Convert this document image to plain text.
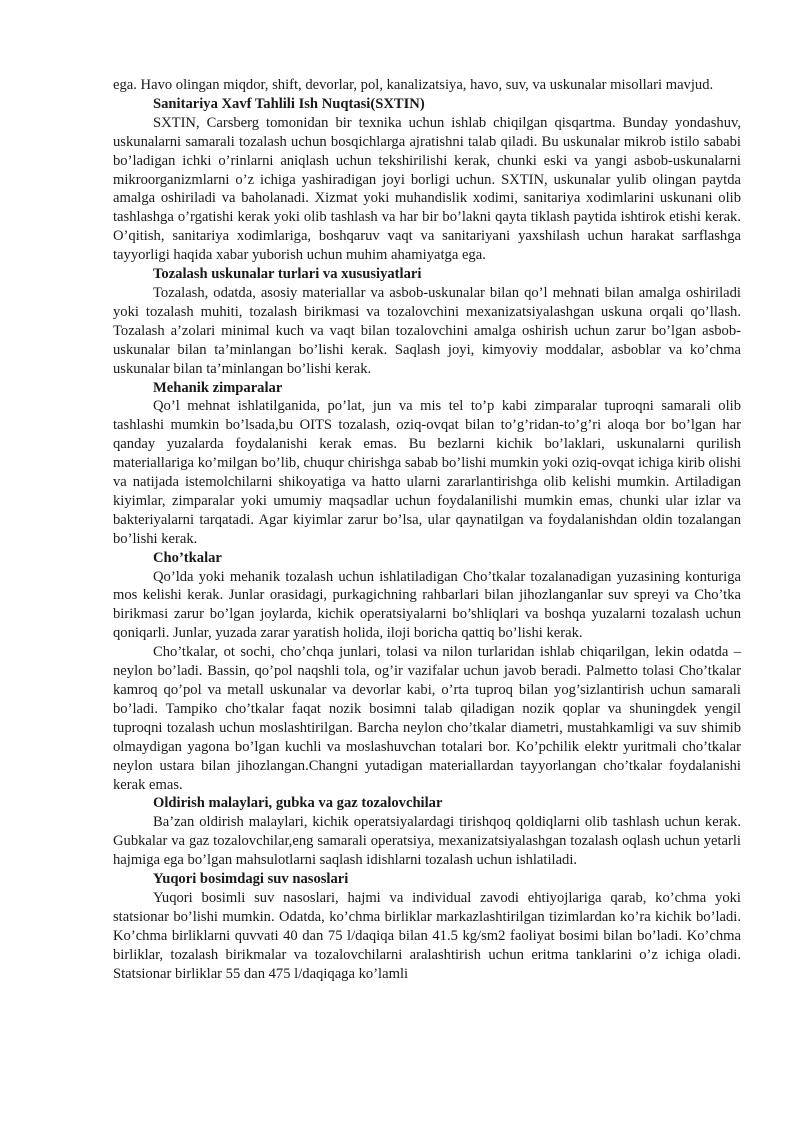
ega. Havo olingan miqdor, shift, devorlar, pol, kanalizatsiya, havo, suv, va uskunalar misollari mavjud.

Sanitariya Xavf Tahlili Ish Nuqtasi(SXTIN)

SXTIN, Carsberg tomonidan bir texnika uchun ishlab chiqilgan qisqartma. Bunday yondashuv, uskunalarni samarali tozalash uchun bosqichlarga ajratishni talab qiladi. Bu uskunalar mikrob istilo sababi bo’ladigan ichki o’rinlarni aniqlash uchun tekshirilishi kerak, chunki eski va yangi asbob-uskunalarni mikroorganizmlarni o’z ichiga yashiradigan joyi borligi uchun. SXTIN, uskunalar yulib olingan paytda amalga oshiriladi va baholanadi. Xizmat yoki muhandislik xodimi, sanitariya xodimlarini uskunani olib tashlashga o’rgatishi kerak yoki olib tashlash va har bir bo’lakni qayta tiklash paytida ishtirok etishi kerak. O’qitish, sanitariya xodimlariga, boshqaruv vaqt va sanitariyani yaxshilash uchun harakat sarflashga tayyorligi haqida xabar yuborish uchun muhim ahamiyatga ega.

Tozalash uskunalar turlari va xususiyatlari

Tozalash, odatda, asosiy materiallar va asbob-uskunalar bilan qo’l mehnati bilan amalga oshiriladi yoki tozalash muhiti, tozalash birikmasi va tozalovchini mexanizatsiyalashgan uskuna orqali qo’llash. Tozalash a’zolari minimal kuch va vaqt bilan tozalovchini amalga oshirish uchun zarur bo’lgan asbob-uskunalar bilan ta’minlangan bo’lishi kerak. Saqlash joyi, kimyoviy moddalar, asboblar va ko’chma uskunalar bilan ta’minlangan bo’lishi kerak.

Mehanik zimparalar

Qo’l mehnat ishlatilganida, po’lat, jun va mis tel to’p kabi zimparalar tuproqni samarali olib tashlashi mumkin bo’lsada,bu OITS tozalash, oziq-ovqat bilan to’g’ridan-to’g’ri aloqa bor bo’lgan har qanday yuzalarda foydalanishi kerak emas. Bu bezlarni kichik bo’laklari, uskunalarni qurilish materiallariga ko’milgan bo’lib, chuqur chirishga sabab bo’lishi mumkin yoki oziq-ovqat ichiga kirib olishi va natijada istemolchilarni shikoyatiga va hatto ularni zararlantirishga olib kelishi mumkin. Artiladigan kiyimlar, zimparalar yoki umumiy maqsadlar uchun foydalanilishi mumkin emas, chunki ular izlar va bakteriyalarni tarqatadi. Agar kiyimlar zarur bo’lsa, ular qaynatilgan va foydalanishdan oldin tozalangan bo’lishi kerak.

Cho’tkalar

Qo’lda yoki mehanik tozalash uchun ishlatiladigan Cho’tkalar tozalanadigan yuzasining konturiga mos kelishi kerak. Junlar orasidagi, purkagichning rahbarlari bilan jihozlanganlar suv spreyi va Cho’tka birikmasi zarur bo’lgan joylarda, kichik operatsiyalarni bo’shliqlari va boshqa yuzalarni tozalash uchun qoniqarli. Junlar, yuzada zarar yaratish holida, iloji boricha qattiq bo’lishi kerak.

Cho’tkalar, ot sochi, cho’chqa junlari, tolasi va nilon turlaridan ishlab chiqarilgan, lekin odatda – neylon bo’ladi. Bassin, qo’pol naqshli tola, og’ir vazifalar uchun javob beradi. Palmetto tolasi Cho’tkalar kamroq qo’pol va metall uskunalar va devorlar kabi, o’rta tuproq bilan yog’sizlantirish uchun samarali bo’ladi. Tampiko cho’tkalar faqat nozik bosimni talab qiladigan nozik qoplar va shuningdek yengil tuproqni tozalash uchun moslashtirilgan. Barcha neylon cho’tkalar diametri, mustahkamligi va suv shimib olmaydigan yagona bo’lgan kuchli va moslashuvchan totalari bor. Ko’pchilik elektr yuritmali cho’tkalar neylon ustara bilan jihozlangan.Changni yutadigan materiallardan tayyorlangan cho’tkalar foydalanishi kerak emas.

Oldirish malaylari, gubka va gaz tozalovchilar

Ba’zan oldirish malaylari, kichik operatsiyalardagi tirishqoq qoldiqlarni olib tashlash uchun kerak. Gubkalar va gaz tozalovchilar,eng samarali operatsiya, mexanizatsiyalashgan tozalash oqlash uchun yetarli hajmiga ega bo’lgan mahsulotlarni saqlash idishlarni tozalash uchun ishlatiladi.

Yuqori bosimdagi suv nasoslari

Yuqori bosimli suv nasoslari, hajmi va individual zavodi ehtiyojlariga qarab, ko’chma yoki statsionar bo’lishi mumkin. Odatda, ko’chma birliklar markazlashtirilgan tizimlardan ko’ra kichik bo’ladi. Ko’chma birliklarni quvvati 40 dan 75 l/daqiqa bilan 41.5 kg/sm2 faoliyat bosimi bilan bo’ladi. Ko’chma birliklar, tozalash birikmalar va tozalovchilarni aralashtirish uchun eritma tanklarini o’z ichiga oladi. Statsionar birliklar 55 dan 475 l/daqiqaga ko’lamli
